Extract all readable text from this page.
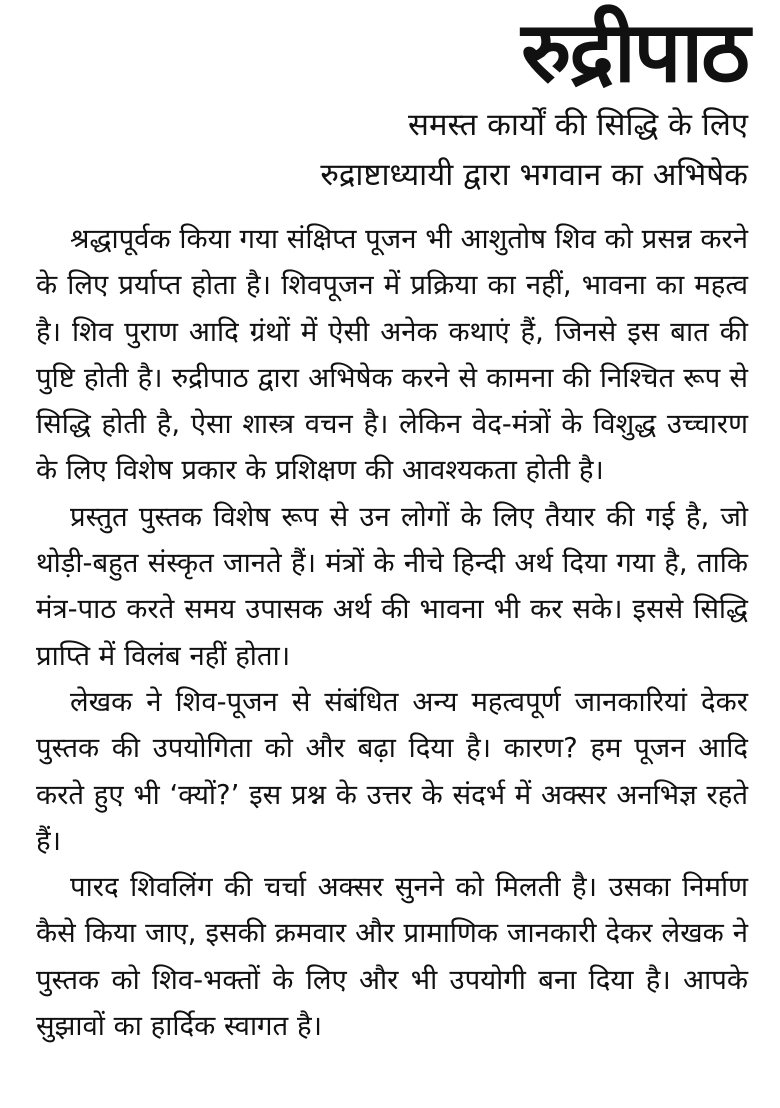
रुद्रीपाठ

समस्त कार्यों की सिद्धि के लिए

रुद्राष्टाध्यायी द्वारा भगवान का अभिषेक

श्रद्धापूर्वक किया गया संक्षिप्त पूजन भी आशुतोष शिव को प्रसन्न करने के लिए प्रर्याप्त होता है। शिवपूजन में प्रक्रिया का नहीं, भावना का महत्व है। शिव पुराण आदि ग्रंथों में ऐसी अनेक कथाएं हैं, जिनसे इस बात की पुष्टि होती है। रुद्रीपाठ द्वारा अभिषेक करने से कामना की निश्चित रूप से सिद्धि होती है, ऐसा शास्त्र वचन है। लेकिन वेद-मंत्रों के विशुद्ध उच्चारण के लिए विशेष प्रकार के प्रशिक्षण की आवश्यकता होती है।

प्रस्तुत पुस्तक विशेष रूप से उन लोगों के लिए तैयार की गई है, जो थोड़ी-बहुत संस्कृत जानते हैं। मंत्रों के नीचे हिन्दी अर्थ दिया गया है, ताकि मंत्र-पाठ करते समय उपासक अर्थ की भावना भी कर सके। इससे सिद्धि प्राप्ति में विलंब नहीं होता।

लेखक ने शिव-पूजन से संबंधित अन्य महत्वपूर्ण जानकारियां देकर पुस्तक की उपयोगिता को और बढ़ा दिया है। कारण? हम पूजन आदि करते हुए भी ‘क्यों?’ इस प्रश्न के उत्तर के संदर्भ में अक्सर अनभिज्ञ रहते हैं।

पारद शिवलिंग की चर्चा अक्सर सुनने को मिलती है। उसका निर्माण कैसे किया जाए, इसकी क्रमवार और प्रामाणिक जानकारी देकर लेखक ने पुस्तक को शिव-भक्तों के लिए और भी उपयोगी बना दिया है। आपके सुझावों का हार्दिक स्वागत है।
